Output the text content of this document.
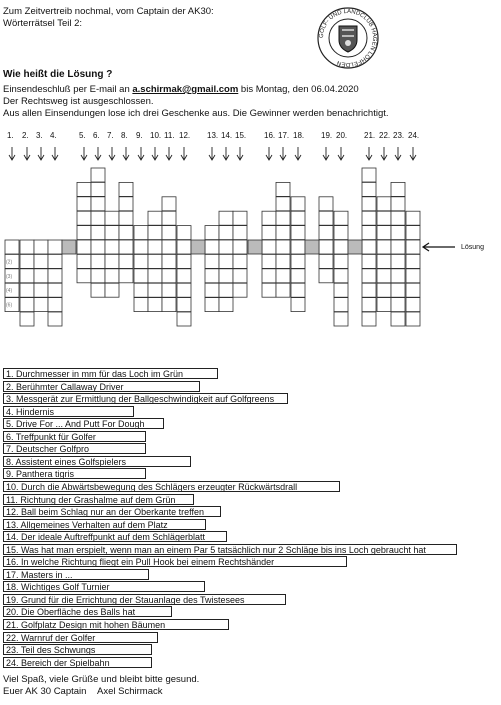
Zum Zeitvertreib nochmal, vom Captain der AK30:
Wörterrätsel Teil 2:
Wie heißt die Lösung ?
Einsendeschluß per E-mail an a.schirmak@gmail.com bis Montag, den 06.04.2020
Der Rechtsweg ist ausgeschlossen.
Aus allen Einsendungen lose ich drei Geschenke aus. Die Gewinner werden benachrichtigt.
GOLF- UND LANDCLUB HAGEN LOHFELDEN
1. 2. 3. 4.	5. 6. 7. 8. 9. 10. 11. 12. 13. 14. 15. 16. 17. 18. 19. 20. 21. 22. 23. 24.
(2)
(3)
(4)
(6)
Lösung
1. Durchmesser in mm für das Loch im Grün
2. Berühmter Callaway Driver
3. Messgerät zur Ermittlung der Ballgeschwindigkeit auf Golfgreens
4. Hindernis
5. Drive For ... And Putt For Dough
6. Treffpunkt für Golfer
7. Deutscher Golfpro
8. Assistent eines Golfspielers
9. Panthera tigris
10. Durch die Abwärtsbewegung des Schlägers erzeugter Rückwärtsdrall
11. Richtung der Grashalme auf dem Grün
12. Ball beim Schlag nur an der Oberkante treffen
13. Allgemeines Verhalten auf dem Platz
14. Der ideale Auftreffpunkt auf dem Schlägerblatt
15. Was hat man erspielt, wenn man an einem Par 5 tatsächlich nur 2 Schläge bis ins Loch gebraucht hat
16. In welche Richtung fliegt ein Pull Hook bei einem Rechtshänder
17. Masters in ...
18. Wichtiges Golf Turnier
19. Grund für die Errichtung der Stauanlage des Twistesees
20. Die Oberfläche des Balls hat
21. Golfplatz Design mit hohen Bäumen
22. Warnruf der Golfer
23. Teil des Schwungs
24. Bereich der Spielbahn
Viel Spaß, viele Grüße und bleibt bitte gesund.
Euer AK 30 Captain Axel Schirmack
